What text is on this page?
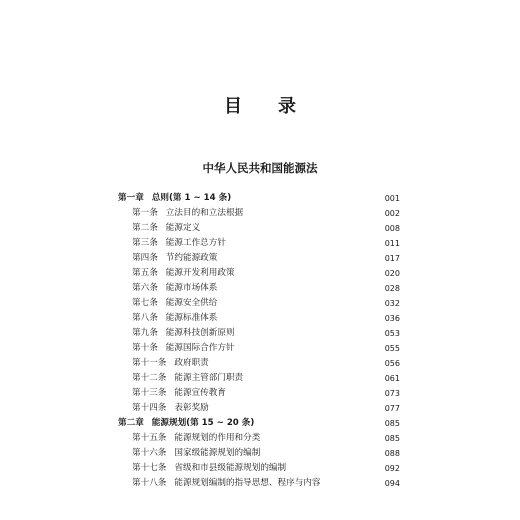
目 录
中华人民共和国能源法
第一章 总则(第 1 ~ 14 条)	001
第一条 立法目的和立法根据	002
第二条 能源定义	008
第三条 能源工作总方针	011
第四条 节约能源政策	017
第五条 能源开发利用政策	020
第六条 能源市场体系	028
第七条 能源安全供给	032
第八条 能源标准体系	036
第九条 能源科技创新原则	053
第十条 能源国际合作方针	055
第十一条 政府职责	056
第十二条 能源主管部门职责	061
第十三条 能源宣传教育	073
第十四条 表彰奖励	077
第二章 能源规划(第 15 ~ 20 条)	085
第十五条 能源规划的作用和分类	085
第十六条 国家级能源规划的编制	088
第十七条 省级和市县级能源规划的编制	092
第十八条 能源规划编制的指导思想、程序与内容	094
